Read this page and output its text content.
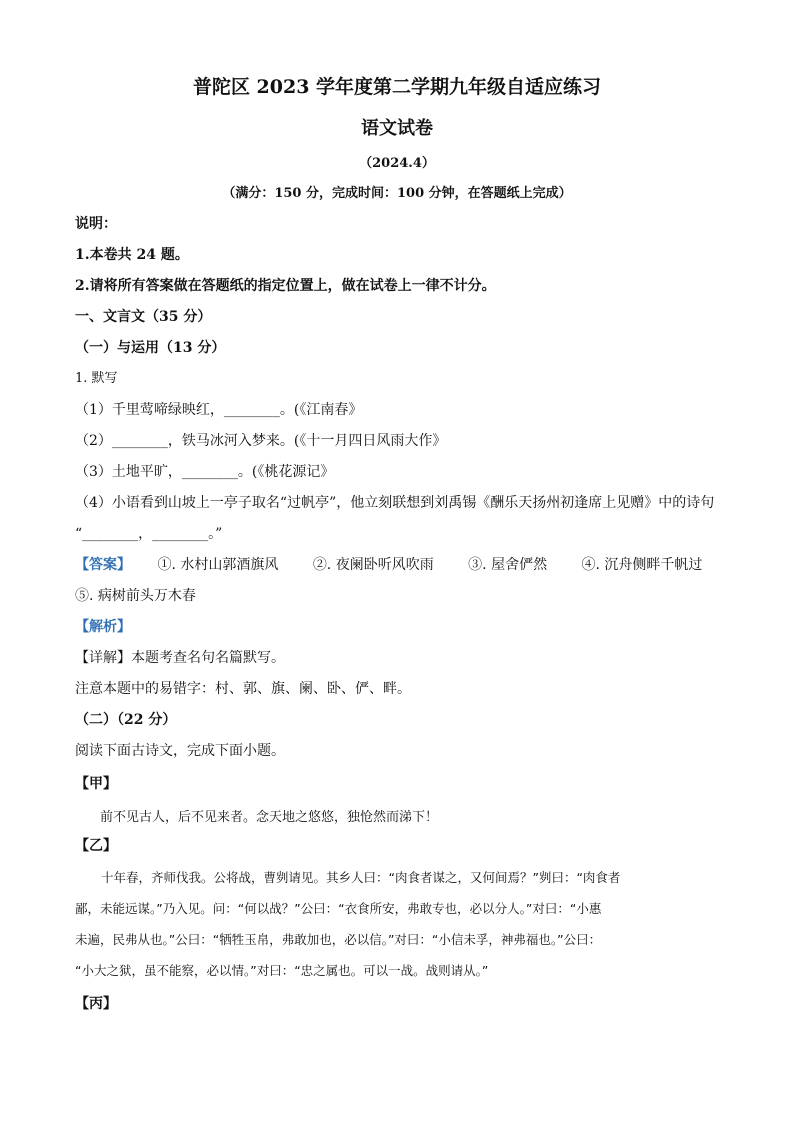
普陀区 2023 学年度第二学期九年级自适应练习
语文试卷
（2024.4）
（满分：150 分，完成时间：100 分钟，在答题纸上完成）
说明：
1.本卷共 24 题。
2.请将所有答案做在答题纸的指定位置上，做在试卷上一律不计分。
一、文言文（35 分）
（一）与运用（13 分）
1. 默写
（1）千里莺啼绿映红，________。(《江南春》
（2）________，铁马冰河入梦来。(《十一月四日风雨大作》
（3）土地平旷，________。(《桃花源记》
（4）小语看到山坡上一亭子取名“过帆亭”，他立刻联想到刘禹锡《酬乐天扬州初逢席上见赠》中的诗句
“________，________。”
【答案】 ①. 水村山郭酒旗风 ②. 夜阑卧听风吹雨 ③. 屋舍俨然 ④. 沉舟侧畔千帆过
⑤. 病树前头万木春
【解析】
【详解】本题考查名句名篇默写。
注意本题中的易错字：村、郭、旗、阑、卧、俨、畔。
（二）（22 分）
阅读下面古诗文，完成下面小题。
【甲】
前不见古人，后不见来者。念天地之悠悠，独怆然而涕下！
【乙】
十年春，齐师伐我。公将战，曹刿请见。其乡人曰：“肉食者谋之，又何间焉？”刿曰：“肉食者
鄙，未能远谋。”乃入见。问：“何以战？”公曰：“衣食所安，弗敢专也，必以分人。”对曰：“小惠
未遍，民弗从也。”公曰：“牺牲玉帛，弗敢加也，必以信。”对曰：“小信未孚，神弗福也。”公曰：
“小大之狱，虽不能察，必以情。”对曰：“忠之属也。可以一战。战则请从。”
【丙】
